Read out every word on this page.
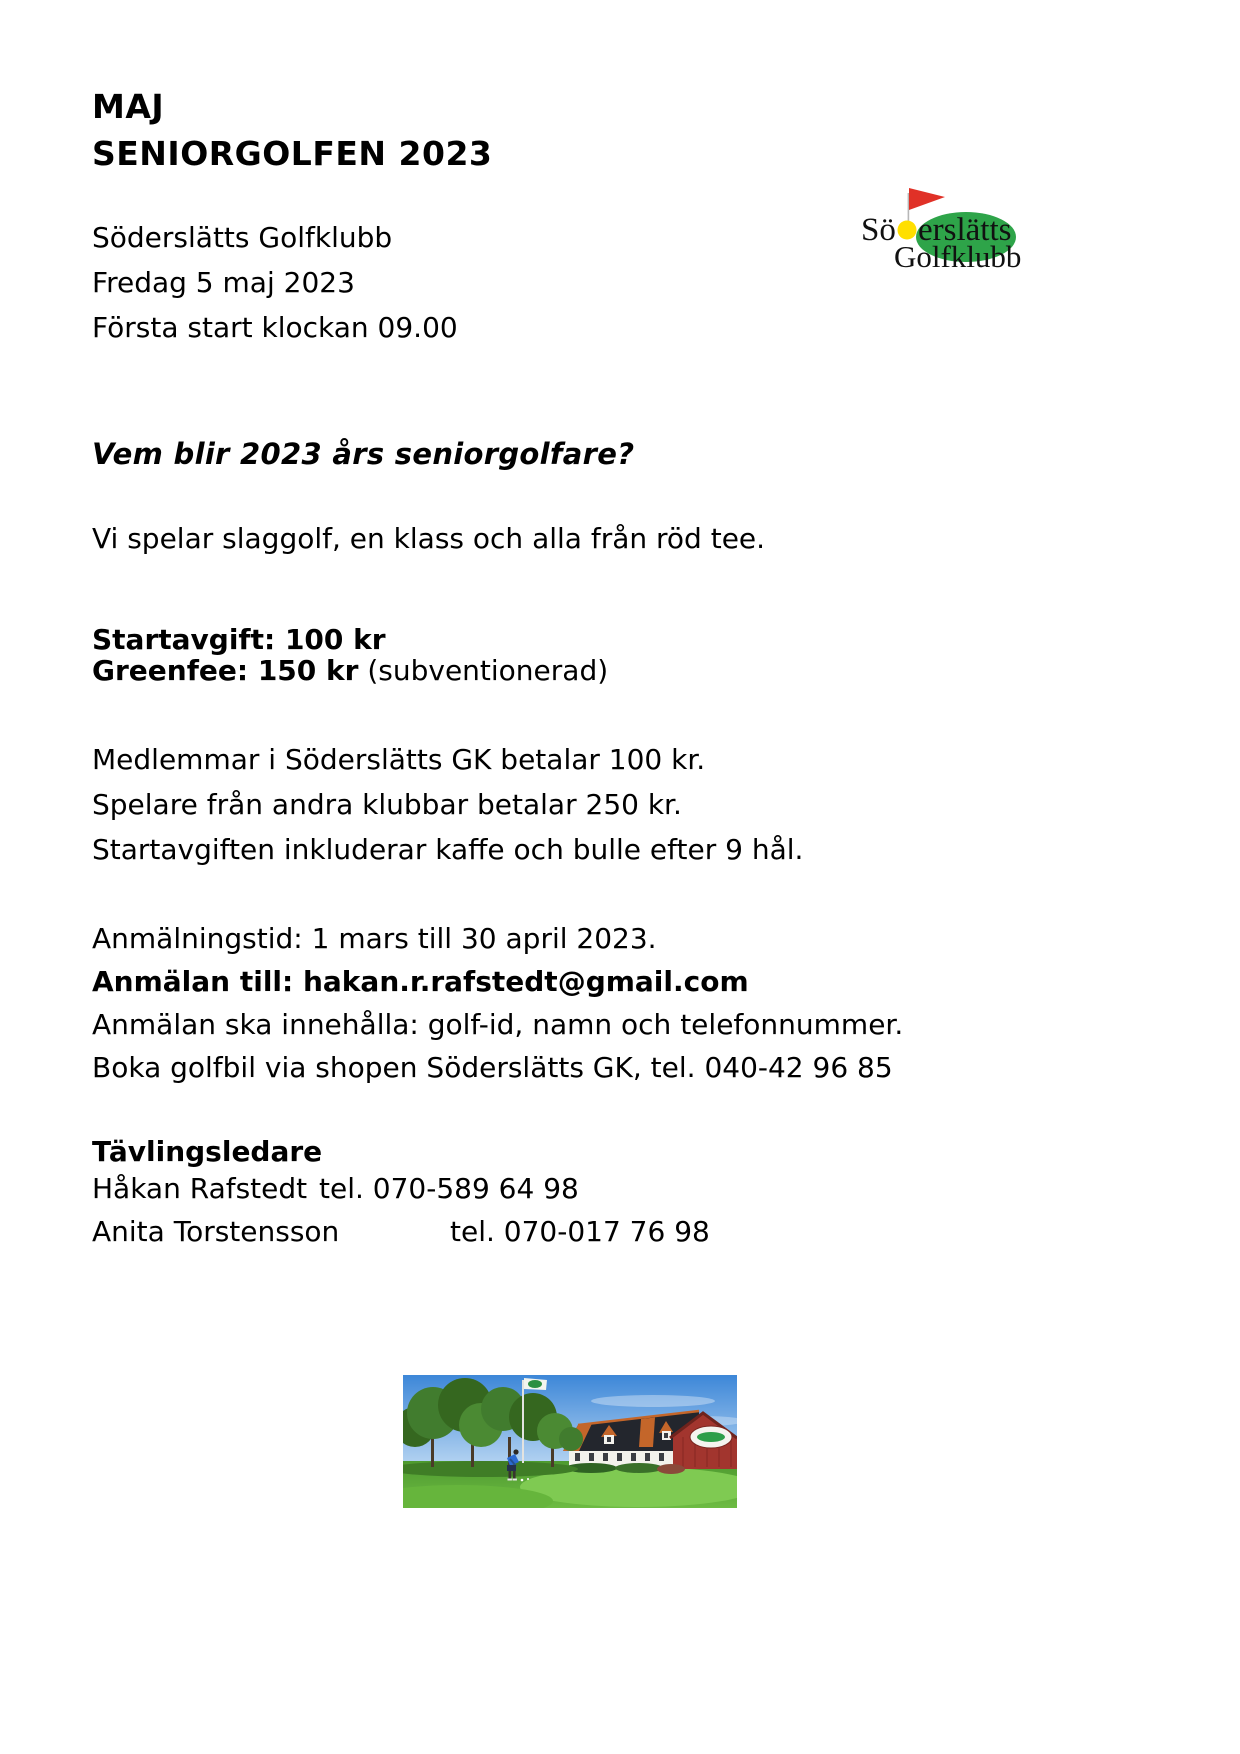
MAJ
SENIORGOLFEN 2023
Sö erslätts
Golfklubb
Söderslätts Golfklubb
Fredag 5 maj 2023
Första start klockan 09.00
Vem blir 2023 års seniorgolfare?
Vi spelar slaggolf, en klass och alla från röd tee.
Startavgift: 100 kr
Greenfee: 150 kr (subventionerad)
Medlemmar i Söderslätts GK betalar 100 kr.
Spelare från andra klubbar betalar 250 kr.
Startavgiften inkluderar kaffe och bulle efter 9 hål.
Anmälningstid: 1 mars till 30 april 2023.
Anmälan till: hakan.r.rafstedt@gmail.com
Anmälan ska innehålla: golf-id, namn och telefonnummer.
Boka golfbil via shopen Söderslätts GK, tel. 040-42 96 85
Tävlingsledare
Håkan Rafstedt tel. 070-589 64 98
Anita Torstensson	tel. 070-017 76 98
